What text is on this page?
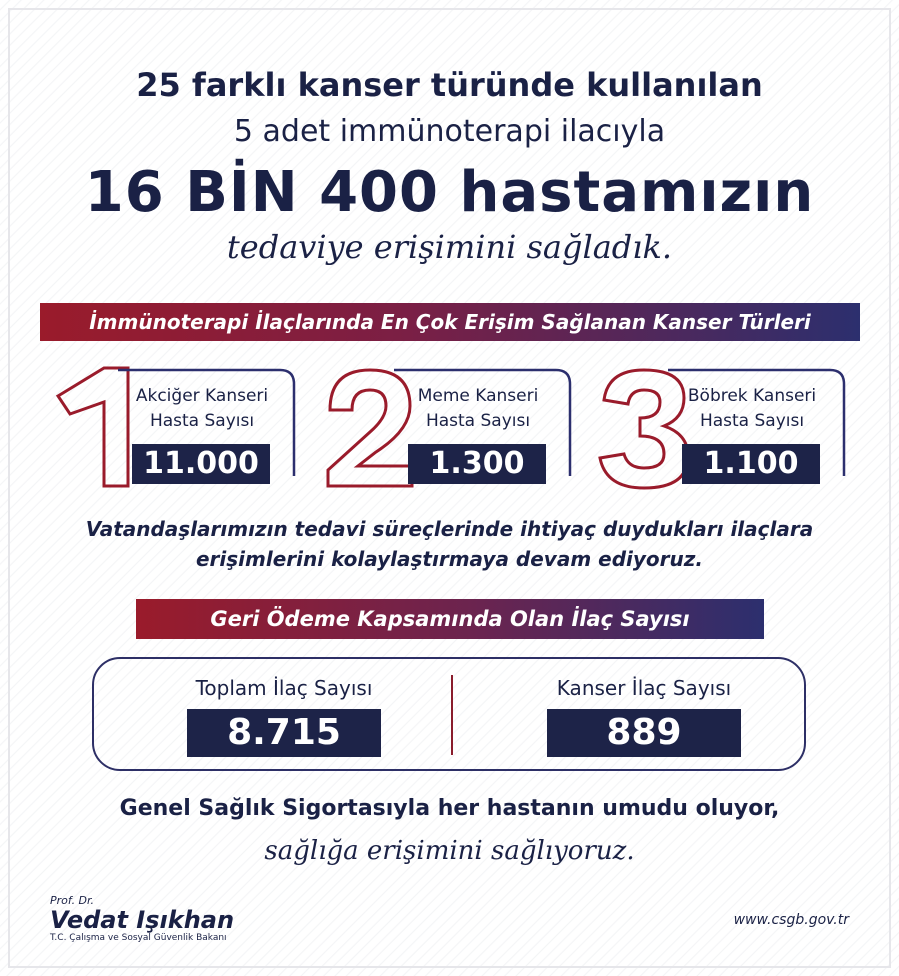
25 farklı kanser türünde kullanılan
5 adet immünoterapi ilacıyla
16 BİN 400 hastamızın
tedaviye erişimini sağladık.
İmmünoterapi İlaçlarında En Çok Erişim Sağlanan Kanser Türleri
1
Akciğer Kanseri
Hasta Sayısı
11.000
2
Meme Kanseri
Hasta Sayısı
1.300
3
Böbrek Kanseri
Hasta Sayısı
1.100
Vatandaşlarımızın tedavi süreçlerinde ihtiyaç duydukları ilaçlara
erişimlerini kolaylaştırmaya devam ediyoruz.
Geri Ödeme Kapsamında Olan İlaç Sayısı
Toplam İlaç Sayısı
8.715
Kanser İlaç Sayısı
889
Genel Sağlık Sigortasıyla her hastanın umudu oluyor,
sağlığa erişimini sağlıyoruz.
Prof. Dr.
Vedat Işıkhan
T.C. Çalışma ve Sosyal Güvenlik Bakanı
www.csgb.gov.tr
